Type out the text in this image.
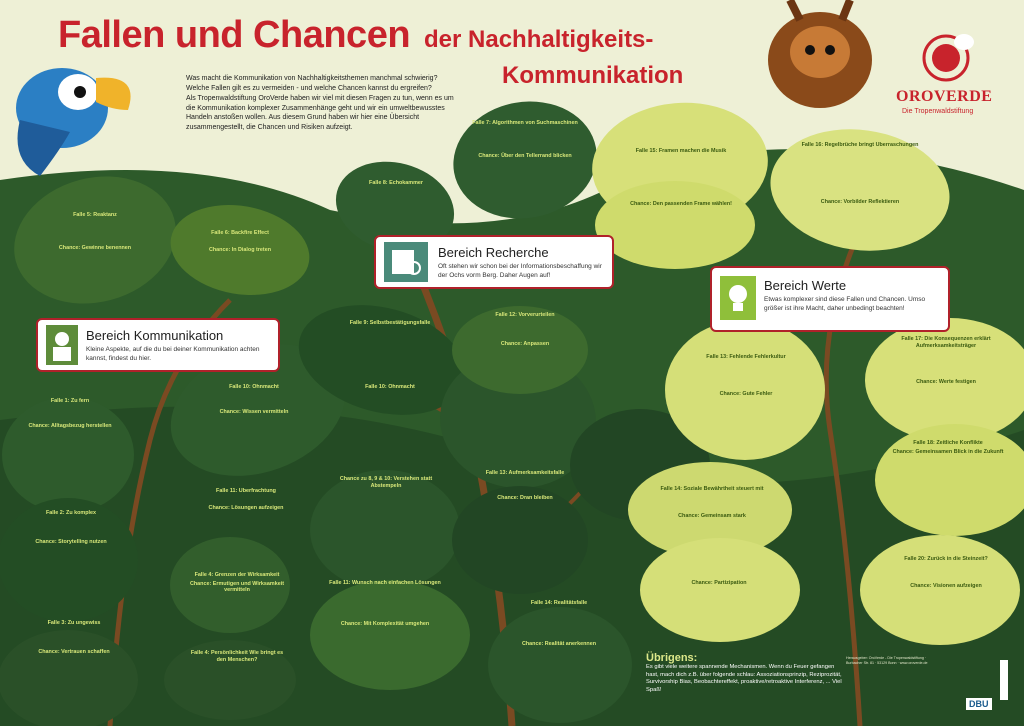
Fallen und Chancen der Nachhaltigkeits-
Kommunikation

Was macht die Kommunikation von Nachhaltigkeitsthemen manchmal schwierig? Welche Fallen gilt es zu vermeiden - und welche Chancen kannst du ergreifen?

Als Tropenwaldstiftung OroVerde haben wir viel mit diesen Fragen zu tun, wenn es um die Kommunikation komplexer Zusammenhänge geht und wir ein umweltbewusstes Handeln anstoßen wollen. Aus diesem Grund haben wir hier eine Übersicht zusammengestellt, die Chancen und Risiken aufzeigt.

OROVERDE
Die Tropenwaldstiftung
Bereich Kommunikation
Kleine Aspekte, auf die du bei deiner Kommunikation achten kannst, findest du hier.
Bereich Recherche
Oft stehen wir schon bei der Informationsbeschaffung wir der Ochs vorm Berg. Daher Augen auf!
Bereich Werte
Etwas komplexer sind diese Fallen und Chancen. Umso größer ist ihre Macht, daher unbedingt beachten!
Falle 5: Reaktanz
Chance: Gewinne benennen
Falle 6: Backfire Effect
Chance: In Dialog treten
Falle 8: Echokammer
Falle 7: Algorithmen von Suchmaschinen
Chance: Über den Tellerrand blicken
Falle 15: Framen machen die Musik
Chance: Den passenden Frame wählen!
Falle 16: Regelbrüche bringt Überraschungen
Chance: Vorbilder Reflektieren
Falle 1: Zu fern
Chance: Alltagsbezug herstellen
Falle 2: Zu komplex
Chance: Storytelling nutzen
Falle 3: Zu ungewiss
Chance: Vertrauen schaffen
Falle 9: Selbstbestätigungsfalle
Falle 10: Ohnmacht
Chance: Wissen vermitteln
Falle 11: Überfrachtung
Chance: Lösungen aufzeigen
Falle 4: Grenzen der Wirksamkeit
Chance: Ermutigen und Wirksamkeit vermitteln
Falle 4: Persönlichkeit Wie bringt es den Menschen?
Falle 10: Ohnmacht
Chance zu 8, 9 & 10: Verstehen statt Abstempeln
Falle 11: Wunsch nach einfachen Lösungen
Chance: Mit Komplexität umgehen
Falle 12: Vorverurteilen
Chance: Anpassen
Falle 13: Aufmerksamkeitsfalle
Chance: Dran bleiben
Falle 14: Realitätsfalle
Chance: Realität anerkennen
Falle 13: Fehlende Fehlerkultur
Chance: Gute Fehler
Falle 14: Soziale Bewährtheit steuert mit
Chance: Gemeinsam stark
Chance: Partizipation
Falle 17: Die Konsequenzen erklärt Aufmerksamkeitsträger
Chance: Werte festigen
Falle 18: Zeitliche Konflikte
Chance: Gemeinsamen Blick in die Zukunft
Falle 20: Zurück in die Steinzeit?
Chance: Visionen aufzeigen
Übrigens:
Es gibt viele weitere spannende Mechanismen. Wenn du Feuer gefangen hast, mach dich z.B. über folgende schlau: Assoziationsprinzip, Reziprozität, Survivorship Bias, Beobachtereffekt, proaktive/retroaktive Interferenz, ... Viel Spaß!
Herausgeber: OroVerde - Die Tropenwaldstiftung · Burbacher Str. 81 · 53129 Bonn · www.oroverde.de
DBU
